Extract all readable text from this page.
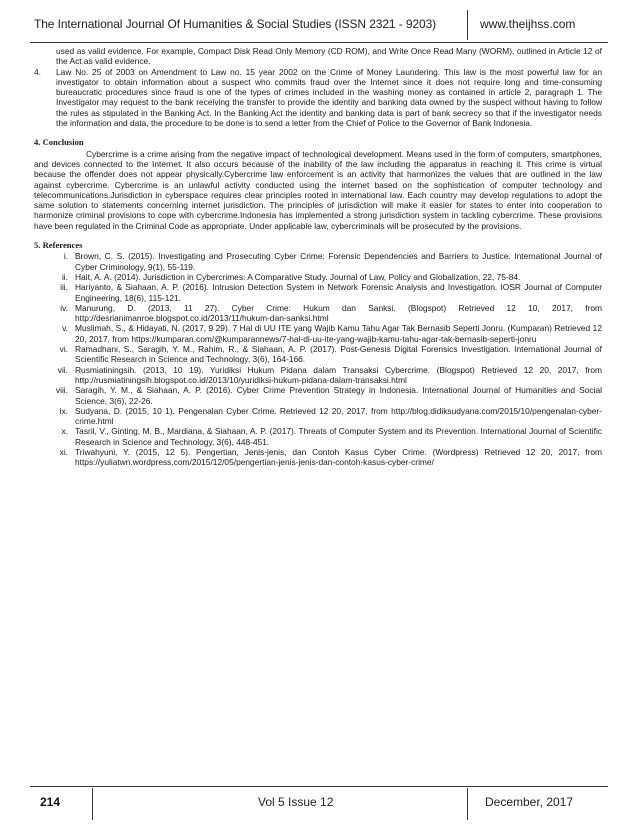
The International Journal Of Humanities & Social Studies (ISSN 2321 - 9203)	www.theijhss.com

used as valid evidence. For example, Compact Disk Read Only Memory (CD ROM), and Write Once Read Many (WORM), outlined in Article 12 of the Act as valid evidence.

4. Law No. 25 of 2003 on Amendment to Law no. 15 year 2002 on the Crime of Money Laundering. This law is the most powerful law for an investigator to obtain information about a suspect who commits fraud over the Internet since it does not require long and time-consuming bureaucratic procedures since fraud is one of the types of crimes included in the washing money as contained in article 2, paragraph 1. The Investigator may request to the bank receiving the transfer to provide the identity and banking data owned by the suspect without having to follow the rules as stipulated in the Banking Act. In the Banking Act the identity and banking data is part of bank secrecy so that if the investigator needs the information and data, the procedure to be done is to send a letter from the Chief of Police to the Governor of Bank Indonesia.

4. Conclusion

Cybercrime is a crime arising from the negative impact of technological development. Means used in the form of computers, smartphones, and devices connected to the Internet. It also occurs because of the inability of the law including the apparatus in reaching it. This crime is virtual because the offender does not appear physically.Cybercrime law enforcement is an activity that harmonizes the values that are outlined in the law against cybercrime. Cybercrime is an unlawful activity conducted using the internet based on the sophistication of computer technology and telecommunications.Jurisdiction in cyberspace requires clear principles rooted in international law. Each country may develop regulations to adopt the same solution to statements concerning internet jurisdiction. The principles of jurisdiction will make it easier for states to enter into cooperation to harmonize criminal provisions to cope with cybercrime.Indonesia has implemented a strong jurisdiction system in tackling cybercrime. These provisions have been regulated in the Criminal Code as appropriate. Under applicable law, cybercriminals will be prosecuted by the provisions.

5. References
i. Brown, C. S. (2015). Investigating and Prosecuting Cyber Crime: Forensic Dependencies and Barriers to Justice. International Journal of Cyber Criminology, 9(1), 55-119.
ii. Hait, A. A. (2014). Jurisdiction in Cybercrimes: A Comparative Study. Journal of Law, Policy and Globalization, 22, 75-84.
iii. Hariyanto, & Siahaan, A. P. (2016). Intrusion Detection System in Network Forensic Analysis and Investigation. IOSR Journal of Computer Engineering, 18(6), 115-121.
iv. Manurung, D. (2013, 11 27). Cyber Crime: Hukum dan Sanksi. (Blogspot) Retrieved 12 10, 2017, from http://desrianimanroe.blogspot.co.id/2013/11/hukum-dan-sanksi.html
v. Muslimah, S., & Hidayati, N. (2017, 9 29). 7 Hal di UU ITE yang Wajib Kamu Tahu Agar Tak Bernasib Seperti Jonru. (Kumparan) Retrieved 12 20, 2017, from https://kumparan.com/@kumparannews/7-hal-di-uu-ite-yang-wajib-kamu-tahu-agar-tak-bernasib-seperti-jonru
vi. Ramadhani, S., Saragih, Y. M., Rahim, R., & Siahaan, A. P. (2017). Post-Genesis Digital Forensics Investigation. International Journal of Scientific Research in Science and Technology, 3(6), 164-166.
vii. Rusmiatiningsih. (2013, 10 19). Yuridiksi Hukum Pidana dalam Transaksi Cybercrime. (Blogspot) Retrieved 12 20, 2017, from http://rusmiatiningsih.blogspot.co.id/2013/10/yuridiksi-hukum-pidana-dalam-transaksi.html
viii. Saragih, Y. M., & Siahaan, A. P. (2016). Cyber Crime Prevention Strategy in Indonesia. International Journal of Humanities and Social Science, 3(6), 22-26.
ix. Sudyana, D. (2015, 10 1). Pengenalan Cyber Crime. Retrieved 12 20, 2017, from http://blog.didiksudyana.com/2015/10/pengenalan-cyber-crime.html
x. Tasril, V., Ginting, M. B., Mardiana, & Siahaan, A. P. (2017). Threats of Computer System and its Prevention. International Journal of Scientific Research in Science and Technology, 3(6), 448-451.
xi. Triwahyuni, Y. (2015, 12 5). Pengertian, Jenis-jenis, dan Contoh Kasus Cyber Crime. (Wordpress) Retrieved 12 20, 2017, from https://yuliatwn.wordpress.com/2015/12/05/pengertian-jenis-jenis-dan-contoh-kasus-cyber-crime/
214	Vol 5 Issue 12	December, 2017
